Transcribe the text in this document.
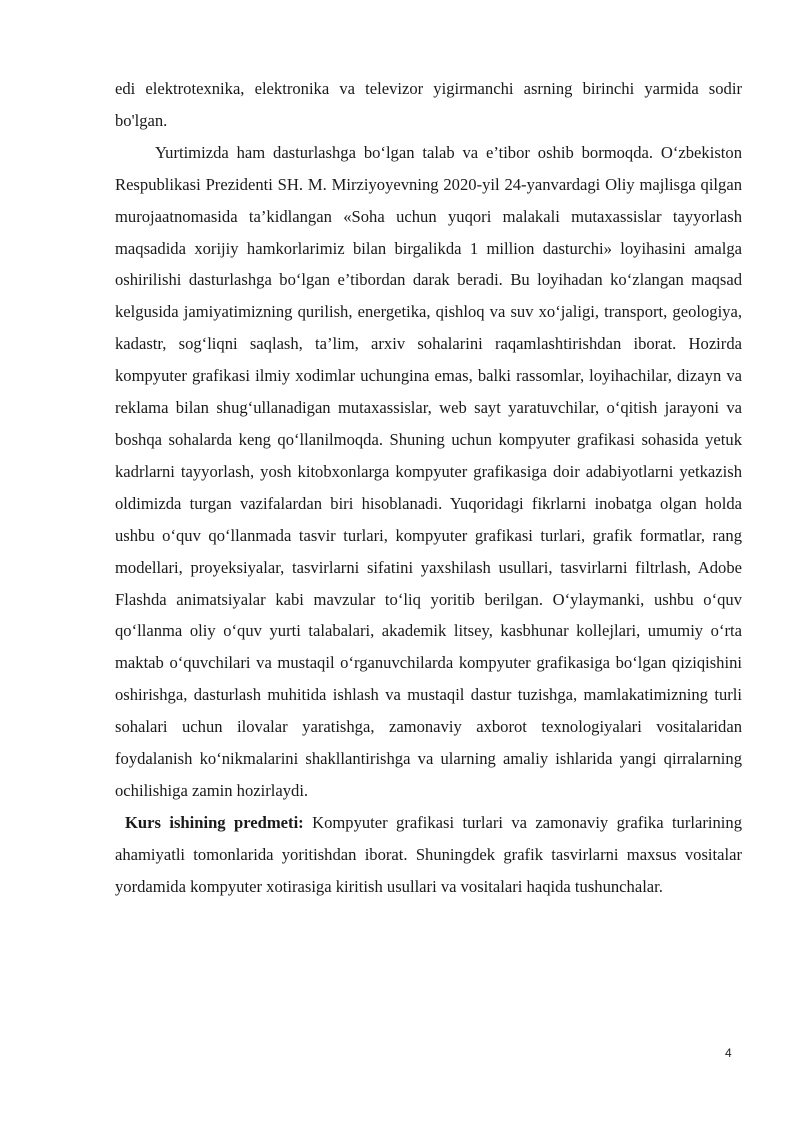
edi elektrotexnika, elektronika va televizor yigirmanchi asrning birinchi yarmida sodir bo'lgan.

Yurtimizda ham dasturlashga bo‘lgan talab va e’tibor oshib bormoqda. O‘zbekiston Respublikasi Prezidenti SH. M. Mirziyoyevning 2020-yil 24-yanvardagi Oliy majlisga qilgan murojaatnomasida ta’kidlangan «Soha uchun yuqori malakali mutaxassislar tayyorlash maqsadida xorijiy hamkorlarimiz bilan birgalikda 1 million dasturchi» loyihasini amalga oshirilishi dasturlashga bo‘lgan e’tibordan darak beradi. Bu loyihadan ko‘zlangan maqsad kelgusida jamiyatimizning qurilish, energetika, qishloq va suv xo‘jaligi, transport, geologiya, kadastr, sog‘liqni saqlash, ta’lim, arxiv sohalarini raqamlashtirishdan iborat. Hozirda kompyuter grafikasi ilmiy xodimlar uchungina emas, balki rassomlar, loyihachilar, dizayn va reklama bilan shug‘ullanadigan mutaxassislar, web sayt yaratuvchilar, o‘qitish jarayoni va boshqa sohalarda keng qo‘llanilmoqda. Shuning uchun kompyuter grafikasi sohasida yetuk kadrlarni tayyorlash, yosh kitobxonlarga kompyuter grafikasiga doir adabiyotlarni yetkazish oldimizda turgan vazifalardan biri hisoblanadi. Yuqoridagi fikrlarni inobatga olgan holda ushbu o‘quv qo‘llanmada tasvir turlari, kompyuter grafikasi turlari, grafik formatlar, rang modellari, proyeksiyalar, tasvirlarni sifatini yaxshilash usullari, tasvirlarni filtrlash, Adobe Flashda animatsiyalar kabi mavzular to‘liq yoritib berilgan. O‘ylaymanki, ushbu o‘quv qo‘llanma oliy o‘quv yurti talabalari, akademik litsey, kasbhunar kollejlari, umumiy o‘rta maktab o‘quvchilari va mustaqil o‘rganuvchilarda kompyuter grafikasiga bo‘lgan qiziqishini oshirishga, dasturlash muhitida ishlash va mustaqil dastur tuzishga, mamlakatimizning turli sohalari uchun ilovalar yaratishga, zamonaviy axborot texnologiyalari vositalaridan foydalanish ko‘nikmalarini shakllantirishga va ularning amaliy ishlarida yangi qirralarning ochilishiga zamin hozirlaydi.

Kurs ishining predmeti: Kompyuter grafikasi turlari va zamonaviy grafika turlarining ahamiyatli tomonlarida yoritishdan iborat. Shuningdek grafik tasvirlarni maxsus vositalar yordamida kompyuter xotirasiga kiritish usullari va vositalari haqida tushunchalar.

4
